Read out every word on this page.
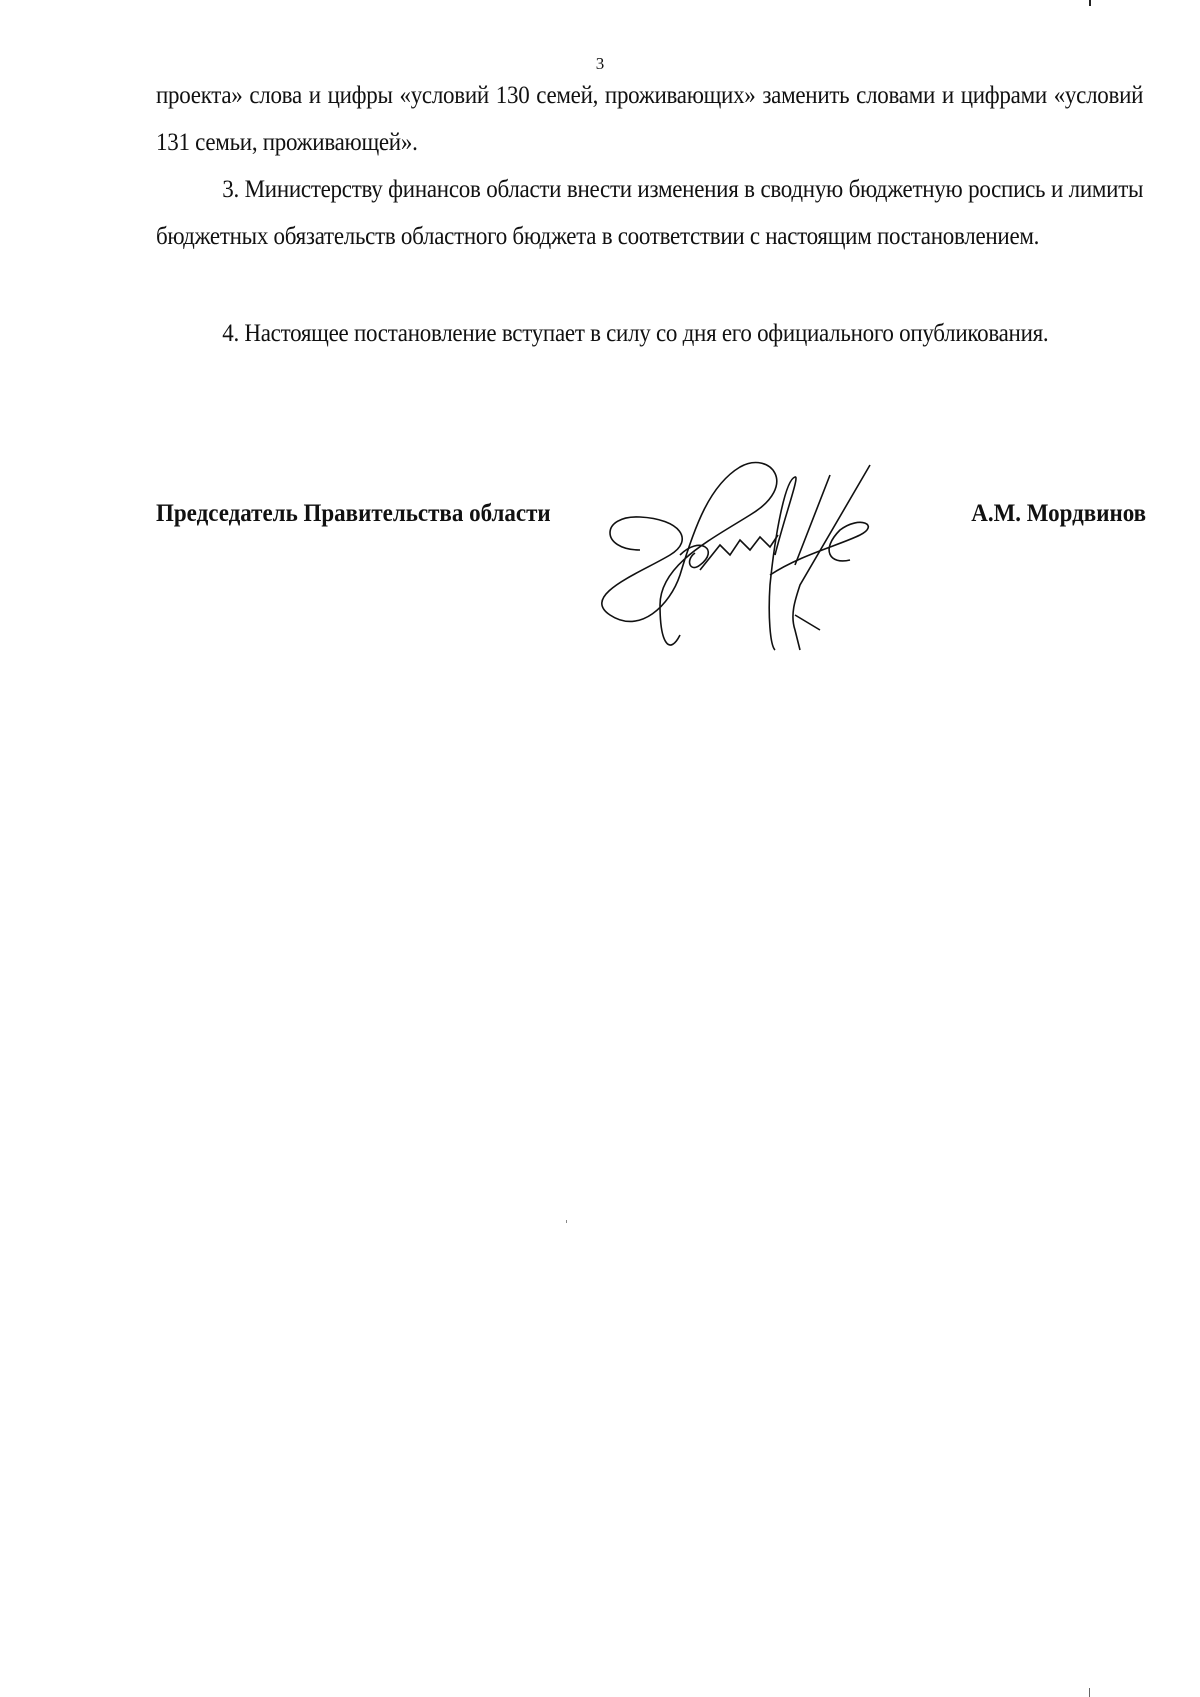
3
проекта» слова и цифры «условий 130 семей, проживающих» заменить словами и цифрами «условий 131 семьи, проживающей».
3. Министерству финансов области внести изменения в сводную бюджетную роспись и лимиты бюджетных обязательств областного бюджета в соответствии с настоящим постановлением.
4. Настоящее постановление вступает в силу со дня его официального опубликования.
Председатель Правительства области	А.М. Мордвинов
